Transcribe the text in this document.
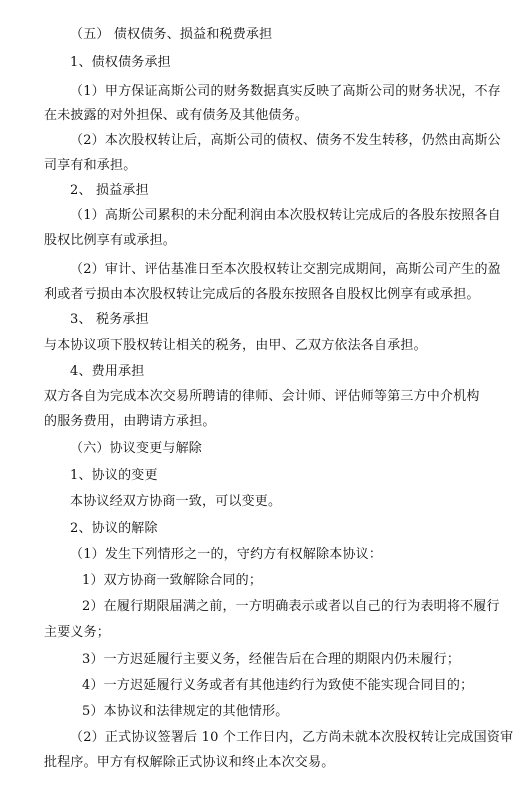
（五） 债权债务、损益和税费承担
1、债权债务承担
（1）甲方保证高斯公司的财务数据真实反映了高斯公司的财务状况，不存
在未披露的对外担保、或有债务及其他债务。
（2）本次股权转让后，高斯公司的债权、债务不发生转移，仍然由高斯公
司享有和承担。
2、 损益承担
（1）高斯公司累积的未分配利润由本次股权转让完成后的各股东按照各自
股权比例享有或承担。
（2）审计、评估基准日至本次股权转让交割完成期间，高斯公司产生的盈
利或者亏损由本次股权转让完成后的各股东按照各自股权比例享有或承担。
3、 税务承担
与本协议项下股权转让相关的税务，由甲、乙双方依法各自承担。
4、费用承担
双方各自为完成本次交易所聘请的律师、会计师、评估师等第三方中介机构
的服务费用，由聘请方承担。
（六）协议变更与解除
1、协议的变更
本协议经双方协商一致，可以变更。
2、协议的解除
（1）发生下列情形之一的，守约方有权解除本协议：
1）双方协商一致解除合同的；
2）在履行期限届满之前，一方明确表示或者以自己的行为表明将不履行
主要义务；
3）一方迟延履行主要义务，经催告后在合理的期限内仍未履行；
4）一方迟延履行义务或者有其他违约行为致使不能实现合同目的；
5）本协议和法律规定的其他情形。
（2）正式协议签署后 10 个工作日内，乙方尚未就本次股权转让完成国资审
批程序。甲方有权解除正式协议和终止本次交易。
